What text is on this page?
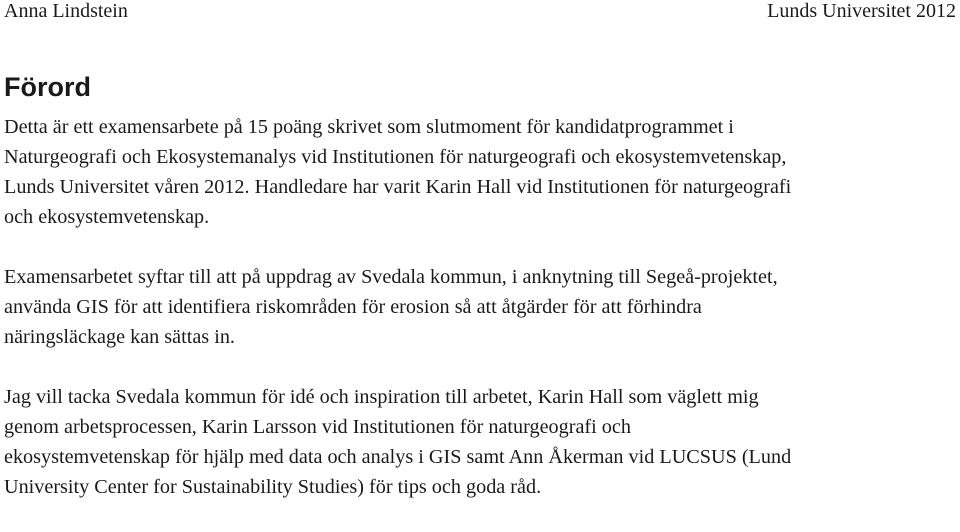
Anna Lindstein	Lunds Universitet 2012
Förord

Detta är ett examensarbete på 15 poäng skrivet som slutmoment för kandidatprogrammet i
Naturgeografi och Ekosystemanalys vid Institutionen för naturgeografi och ekosystemvetenskap,
Lunds Universitet våren 2012. Handledare har varit Karin Hall vid Institutionen för naturgeografi
och ekosystemvetenskap.

Examensarbetet syftar till att på uppdrag av Svedala kommun, i anknytning till Segeå-projektet,
använda GIS för att identifiera riskområden för erosion så att åtgärder för att förhindra
näringsläckage kan sättas in.

Jag vill tacka Svedala kommun för idé och inspiration till arbetet, Karin Hall som väglett mig
genom arbetsprocessen, Karin Larsson vid Institutionen för naturgeografi och
ekosystemvetenskap för hjälp med data och analys i GIS samt Ann Åkerman vid LUCSUS (Lund
University Center for Sustainability Studies) för tips och goda råd.
